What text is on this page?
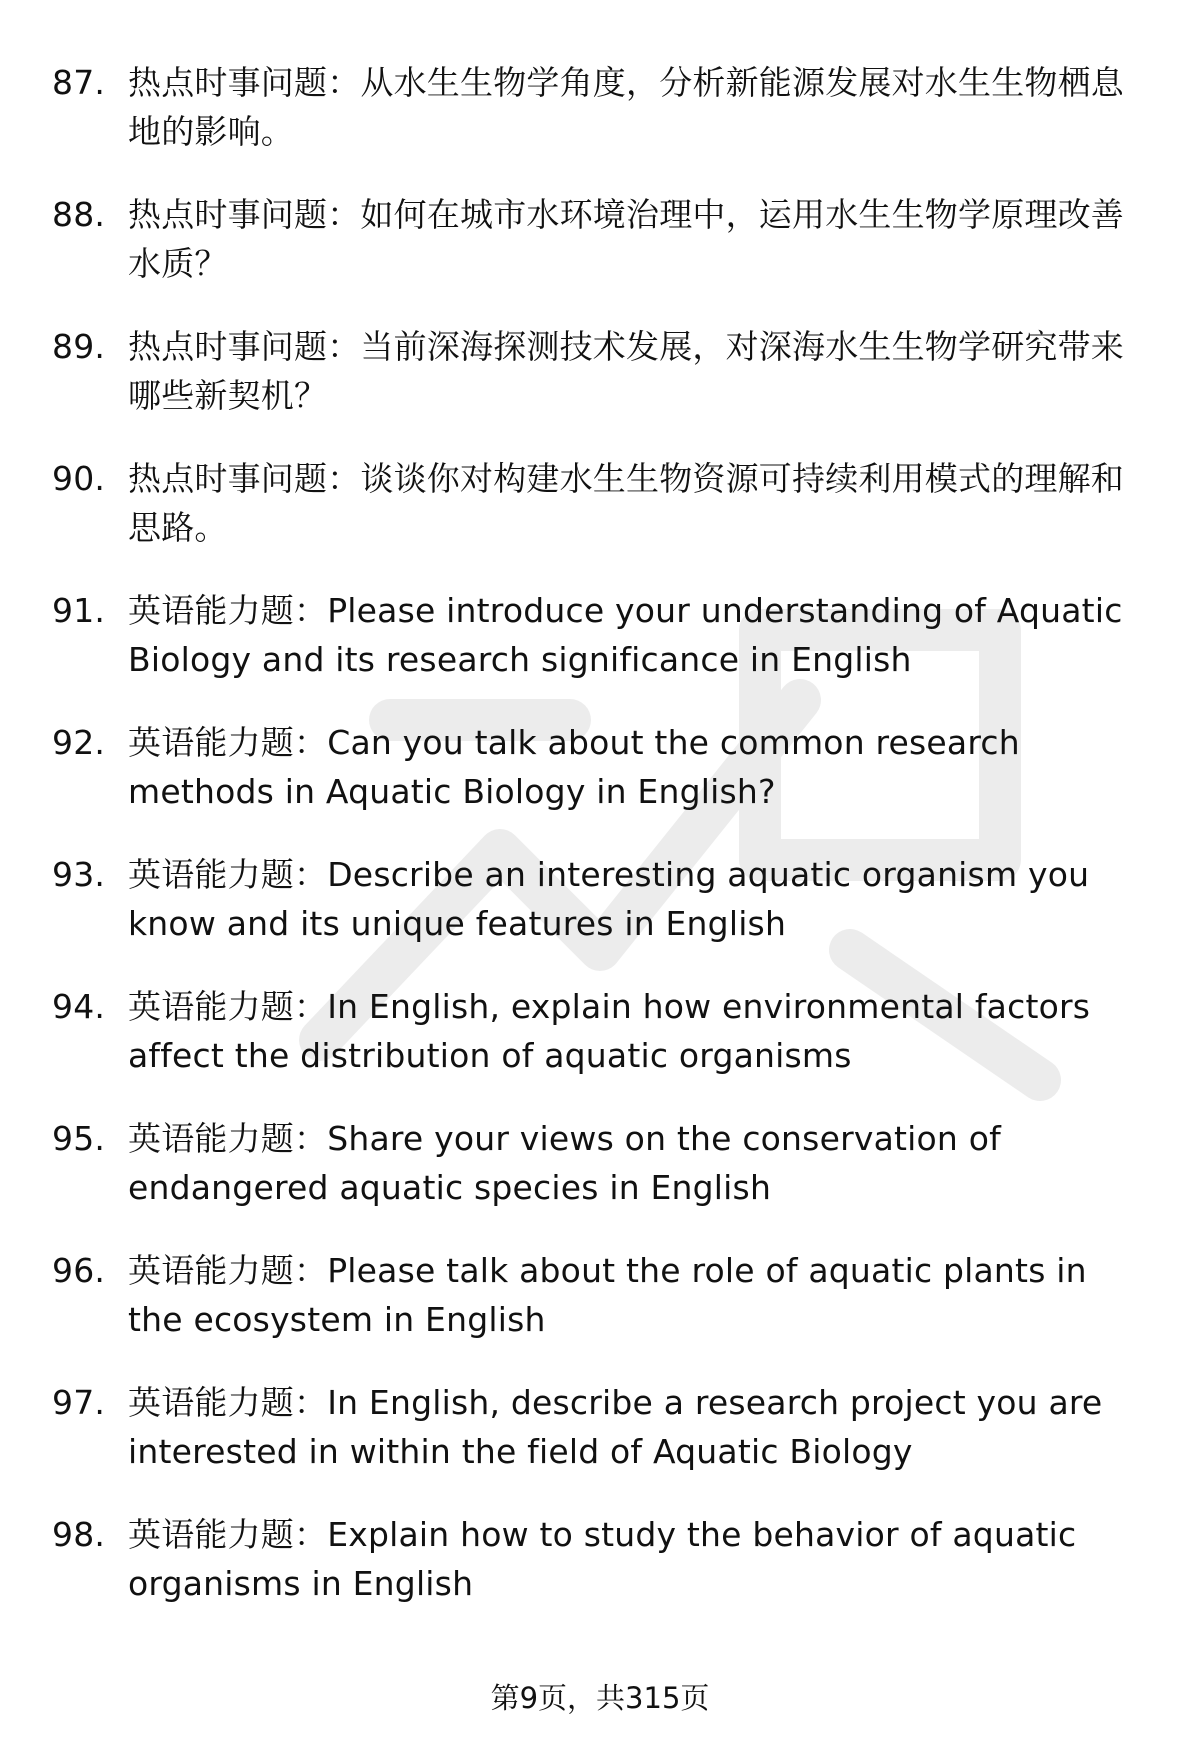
87. 热点时事问题：从水生生物学角度，分析新能源发展对水生生物栖息地的影响。
88. 热点时事问题：如何在城市水环境治理中，运用水生生物学原理改善水质？
89. 热点时事问题：当前深海探测技术发展，对深海水生生物学研究带来哪些新契机？
90. 热点时事问题：谈谈你对构建水生生物资源可持续利用模式的理解和思路。
91. 英语能力题：Please introduce your understanding of Aquatic Biology and its research significance in English
92. 英语能力题：Can you talk about the common research methods in Aquatic Biology in English?
93. 英语能力题：Describe an interesting aquatic organism you know and its unique features in English
94. 英语能力题：In English, explain how environmental factors affect the distribution of aquatic organisms
95. 英语能力题：Share your views on the conservation of endangered aquatic species in English
96. 英语能力题：Please talk about the role of aquatic plants in the ecosystem in English
97. 英语能力题：In English, describe a research project you are interested in within the field of Aquatic Biology
98. 英语能力题：Explain how to study the behavior of aquatic organisms in English
第9页，共315页
